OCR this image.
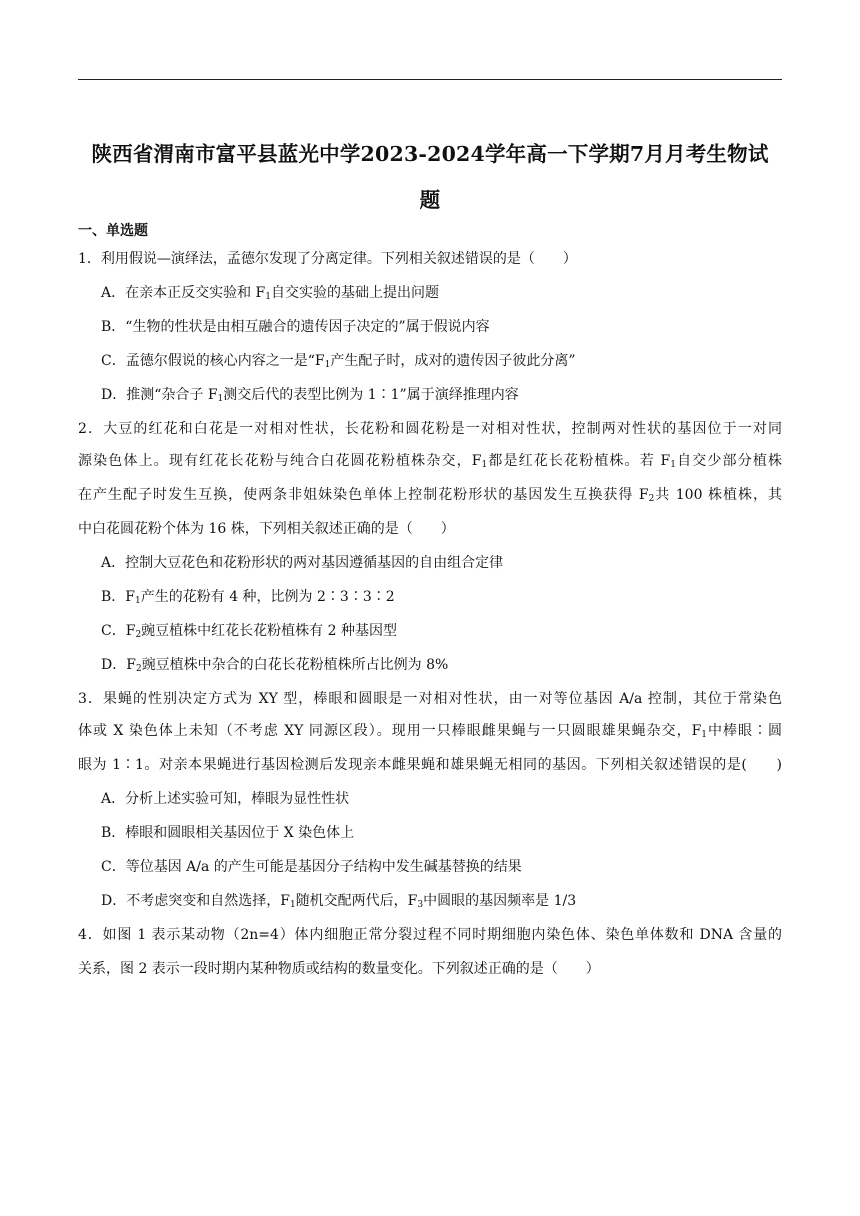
陕西省渭南市富平县蓝光中学2023-2024学年高一下学期7月月考生物试
题
一、单选题
1．利用假说—演绎法，孟德尔发现了分离定律。下列相关叙述错误的是（　　）
A．在亲本正反交实验和 $F_1$自交实验的基础上提出问题
B．“生物的性状是由相互融合的遗传因子决定的”属于假说内容
C．孟德尔假说的核心内容之一是“$F_1$产生配子时，成对的遗传因子彼此分离”
D．推测“杂合子 $F_1$测交后代的表型比例为 1∶1”属于演绎推理内容
2．大豆的红花和白花是一对相对性状，长花粉和圆花粉是一对相对性状，控制两对性状的基因位于一对同
源染色体上。现有红花长花粉与纯合白花圆花粉植株杂交，$F_1$都是红花长花粉植株。若 $F_1$自交少部分植株
在产生配子时发生互换，使两条非姐妹染色单体上控制花粉形状的基因发生互换获得 $F_2$共 100 株植株，其
中白花圆花粉个体为 16 株，下列相关叙述正确的是（　　）
A．控制大豆花色和花粉形状的两对基因遵循基因的自由组合定律
B．$F_1$产生的花粉有 4 种，比例为 2∶3∶3∶2
C．$F_2$豌豆植株中红花长花粉植株有 2 种基因型
D．$F_2$豌豆植株中杂合的白花长花粉植株所占比例为 8%
3．果蝇的性别决定方式为 XY 型，棒眼和圆眼是一对相对性状，由一对等位基因 A/a 控制，其位于常染色
体或 X 染色体上未知（不考虑 XY 同源区段）。现用一只棒眼雌果蝇与一只圆眼雄果蝇杂交，$F_1$中棒眼∶圆
眼为 1∶1。对亲本果蝇进行基因检测后发现亲本雌果蝇和雄果蝇无相同的基因。下列相关叙述错误的是(　　)
A．分析上述实验可知，棒眼为显性性状
B．棒眼和圆眼相关基因位于 X 染色体上
C．等位基因 A/a 的产生可能是基因分子结构中发生碱基替换的结果
D．不考虑突变和自然选择，$F_1$随机交配两代后，$F_3$中圆眼的基因频率是 1/3
4．如图 1 表示某动物（2n=4）体内细胞正常分裂过程不同时期细胞内染色体、染色单体数和 DNA 含量的
关系，图 2 表示一段时期内某种物质或结构的数量变化。下列叙述正确的是（　　）
